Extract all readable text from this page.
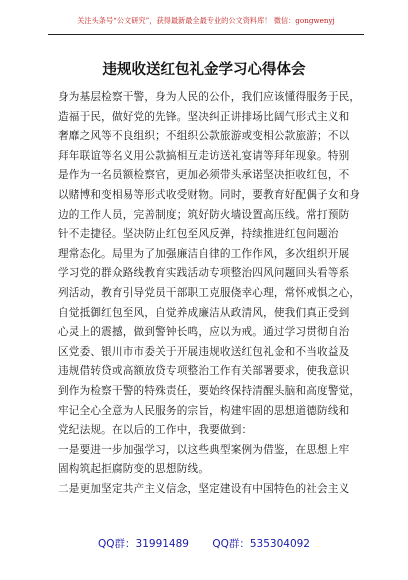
关注头条号“公文研究”，获得最新最全最专业的公文资料库！ 微信：gongwenyj
违规收送红包礼金学习心得体会
身为基层检察干警，身为人民的公仆，我们应该懂得服务于民，
造福于民，做好党的先锋。坚决纠正讲排场比阔气形式主义和
奢靡之风等不良组织；不组织公款旅游或变相公款旅游；不以
拜年联谊等名义用公款搞相互走访送礼宴请等拜年现象。特别
是作为一名员额检察官，更加必须带头承诺坚决拒收红包，不
以赌博和变相易等形式收受财物。同时，要教育好配偶子女和身
边的工作人员，完善制度；筑好防火墙设置高压线。常打预防
针不走捷径。坚决防止红包至风反弹，持续推进红包问题治
理常态化。局里为了加强廉洁自律的工作作风，多次组织开展
学习党的群众路线教育实践活动专项整治四风问题回头看等系
列活动，教育引导党员干部职工克服侥幸心理，常怀戒惧之心，
自觉抵御红包至风，自觉养成廉洁从政清风，使我们真正受到
心灵上的震撼，做到警钟长鸣，应以为戒。通过学习贯彻自治
区党委、银川市市委关于开展违规收送红包礼金和不当收益及
违规借转贷或高额放贷专项整治工作有关部署要求，使我意识
到作为检察干警的特殊责任，要始终保持清醒头脑和高度警觉，
牢记全心全意为人民服务的宗旨，构建牢固的思想道德防线和
党纪法规。在以后的工作中，我要做到：
一是要进一步加强学习，以这些典型案例为借鉴，在思想上牢
固构筑起拒腐防变的思想防线。
二是更加坚定共产主义信念，坚定建设有中国特色的社会主义
QQ群：31991489 QQ群：535304092
